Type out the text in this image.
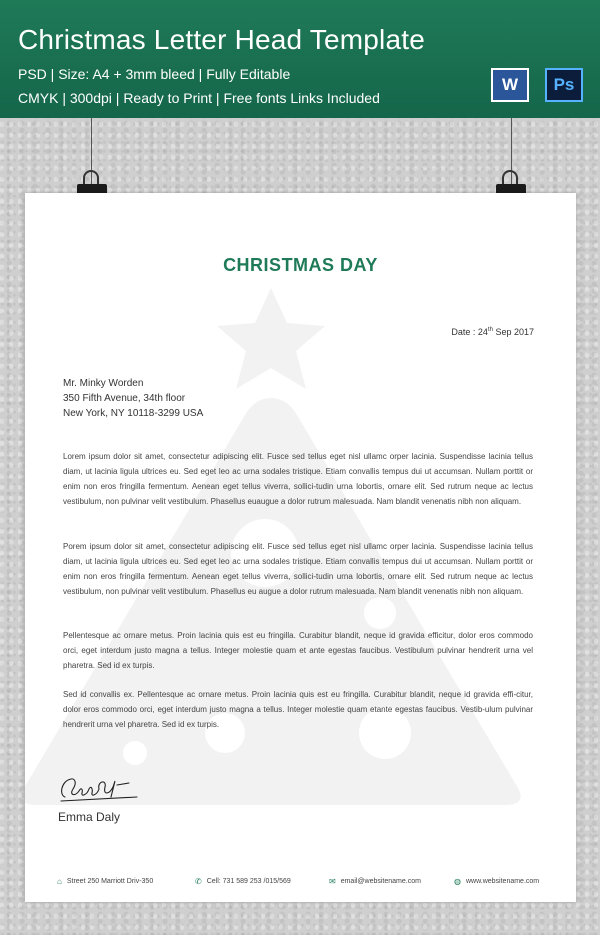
Christmas Letter Head Template
PSD | Size: A4 + 3mm bleed | Fully Editable
CMYK | 300dpi | Ready to Print | Free fonts Links Included
W	Ps
CHRISTMAS DAY
Date : 24th Sep 2017
Mr. Minky Worden
350 Fifth Avenue, 34th floor
New York, NY 10118-3299 USA

Lorem ipsum dolor sit amet, consectetur adipiscing elit. Fusce sed tellus eget nisl ullamc orper lacinia. Suspendisse lacinia tellus diam, ut lacinia ligula ultrices eu. Sed eget leo ac urna sodales tristique. Etiam convallis tempus dui ut accumsan. Nullam porttit or enim non eros fringilla fermentum. Aenean eget tellus viverra, sollici-tudin urna lobortis, ornare elit. Sed rutrum neque ac lectus vestibulum, non pulvinar velit vestibulum. Phasellus euaugue a dolor rutrum malesuada. Nam blandit venenatis nibh non aliquam.

Porem ipsum dolor sit amet, consectetur adipiscing elit. Fusce sed tellus eget nisl ullamc orper lacinia. Suspendisse lacinia tellus diam, ut lacinia ligula ultrices eu. Sed eget leo ac urna sodales tristique. Etiam convallis tempus dui ut accumsan. Nullam porttit or enim non eros fringilla fermentum. Aenean eget tellus viverra, sollici-tudin urna lobortis, ornare elit. Sed rutrum neque ac lectus vestibulum, non pulvinar velit vestibulum. Phasellus eu augue a dolor rutrum malesuada. Nam blandit venenatis nibh non aliquam.

Pellentesque ac ornare metus. Proin lacinia quis est eu fringilla. Curabitur blandit, neque id gravida efficitur, dolor eros commodo orci, eget interdum justo magna a tellus. Integer molestie quam et ante egestas faucibus. Vestibulum pulvinar hendrerit urna vel pharetra. Sed id ex turpis.

Sed id convallis ex. Pellentesque ac ornare metus. Proin lacinia quis est eu fringilla. Curabitur blandit, neque id gravida effi-citur, dolor eros commodo orci, eget interdum justo magna a tellus. Integer molestie quam etante egestas faucibus. Vestib-ulum pulvinar hendrerit urna vel pharetra. Sed id ex turpis.

Emma Daly
⌂ Street 250 Marriott Driv-350	✆ Cell: 731 589 253 /015/569	✉ email@websitename.com	◍ www.websitename.com
